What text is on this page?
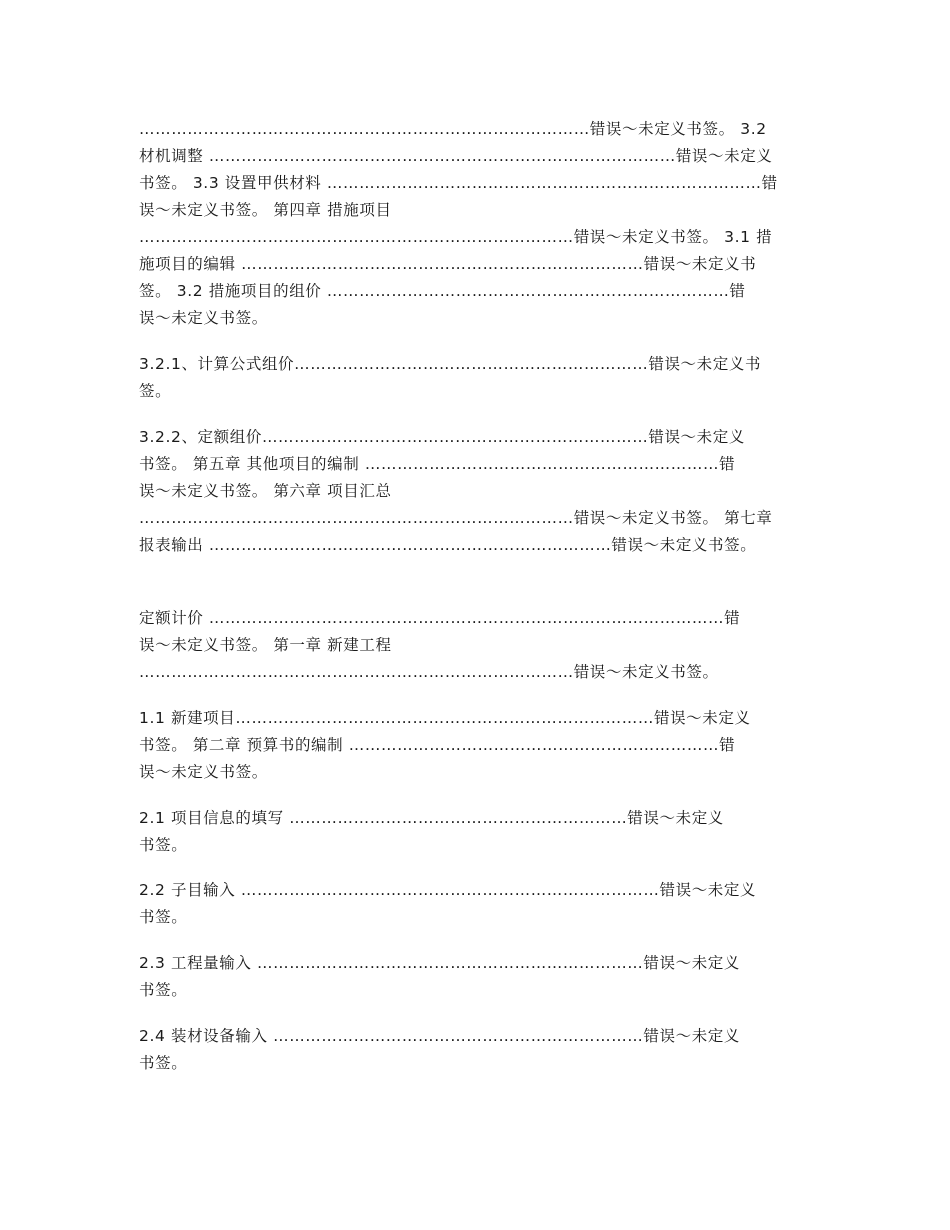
…………………………………………………………………………错误～未定义书签。 3.2
材机调整 ……………………………………………………………………………错误～未定义
书签。 3.3 设置甲供材料 ………………………………………………………………………错
误～未定义书签。 第四章 措施项目
………………………………………………………………………错误～未定义书签。 3.1 措
施项目的编辑 …………………………………………………………………错误～未定义书
签。 3.2 措施项目的组价 …………………………………………………………………错
误～未定义书签。
3.2.1、计算公式组价…………………………………………………………错误～未定义书
签。
3.2.2、定额组价………………………………………………………………错误～未定义
书签。 第五章 其他项目的编制 …………………………………………………………错
误～未定义书签。 第六章 项目汇总
………………………………………………………………………错误～未定义书签。 第七章
报表输出 …………………………………………………………………错误～未定义书签。
定额计价 ……………………………………………………………………………………错
误～未定义书签。 第一章 新建工程
………………………………………………………………………错误～未定义书签。
1.1 新建项目……………………………………………………………………错误～未定义
书签。 第二章 预算书的编制 ……………………………………………………………错
误～未定义书签。
2.1 项目信息的填写 ………………………………………………………错误～未定义
书签。
2.2 子目输入 ……………………………………………………………………错误～未定义
书签。
2.3 工程量输入 ………………………………………………………………错误～未定义
书签。
2.4 装材设备输入 ……………………………………………………………错误～未定义
书签。
